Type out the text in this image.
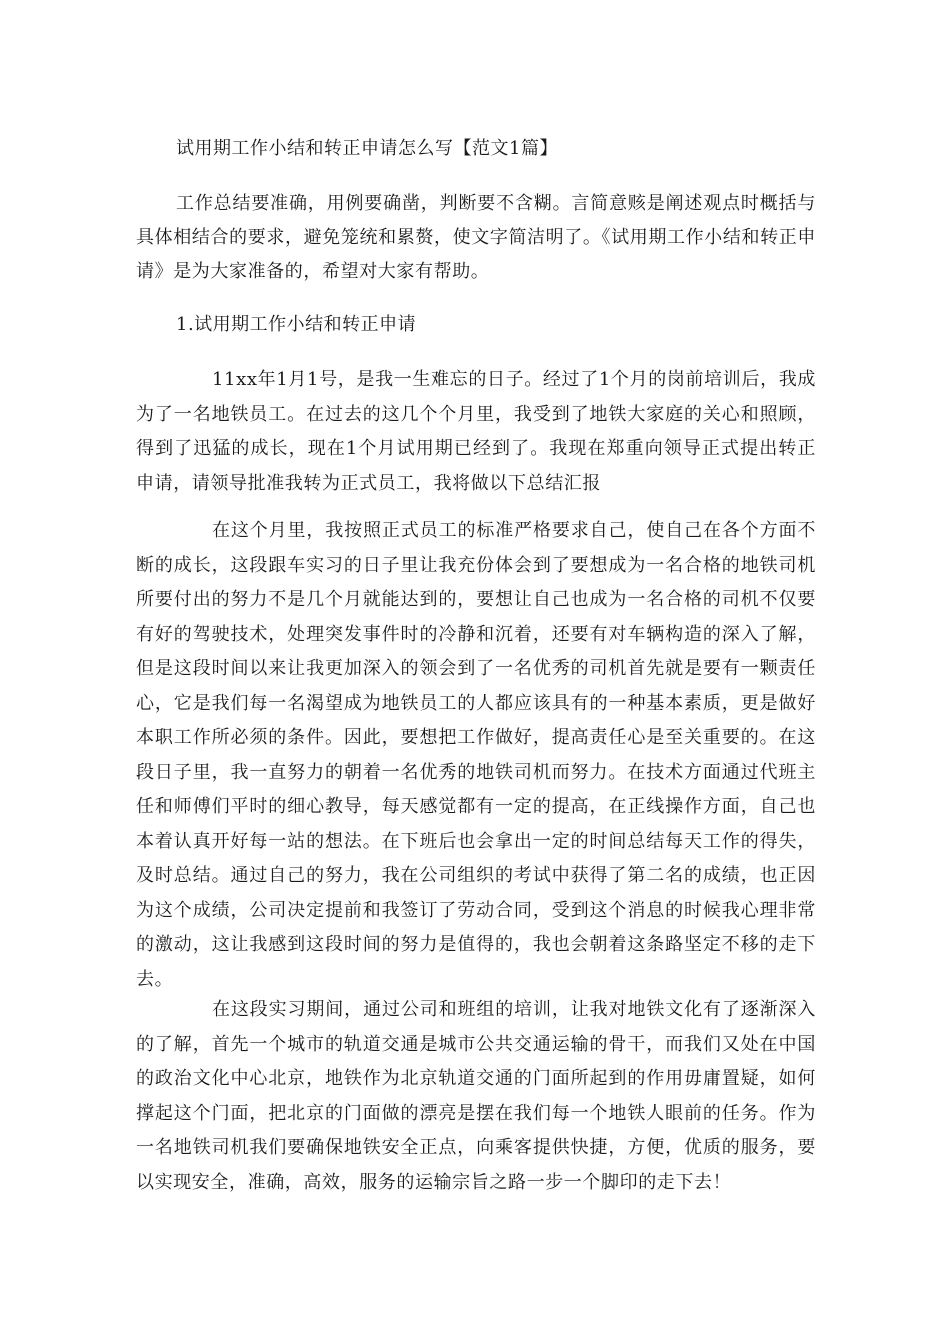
试用期工作小结和转正申请怎么写【范文1篇】
工作总结要准确，用例要确凿，判断要不含糊。言简意赅是阐述观点时概括与具体相结合的要求，避免笼统和累赘，使文字简洁明了。《试用期工作小结和转正申请》是为大家准备的，希望对大家有帮助。
1.试用期工作小结和转正申请
11xx年1月1号，是我一生难忘的日子。经过了1个月的岗前培训后，我成为了一名地铁员工。在过去的这几个个月里，我受到了地铁大家庭的关心和照顾，得到了迅猛的成长，现在1个月试用期已经到了。我现在郑重向领导正式提出转正申请，请领导批准我转为正式员工，我将做以下总结汇报
在这个月里，我按照正式员工的标准严格要求自己，使自己在各个方面不断的成长，这段跟车实习的日子里让我充份体会到了要想成为一名合格的地铁司机所要付出的努力不是几个月就能达到的，要想让自己也成为一名合格的司机不仅要有好的驾驶技术，处理突发事件时的冷静和沉着，还要有对车辆构造的深入了解，但是这段时间以来让我更加深入的领会到了一名优秀的司机首先就是要有一颗责任心，它是我们每一名渴望成为地铁员工的人都应该具有的一种基本素质，更是做好本职工作所必须的条件。因此，要想把工作做好，提高责任心是至关重要的。在这段日子里，我一直努力的朝着一名优秀的地铁司机而努力。在技术方面通过代班主任和师傅们平时的细心教导，每天感觉都有一定的提高，在正线操作方面，自己也本着认真开好每一站的想法。在下班后也会拿出一定的时间总结每天工作的得失，及时总结。通过自己的努力，我在公司组织的考试中获得了第二名的成绩，也正因为这个成绩，公司决定提前和我签订了劳动合同，受到这个消息的时候我心理非常的激动，这让我感到这段时间的努力是值得的，我也会朝着这条路坚定不移的走下去。
在这段实习期间，通过公司和班组的培训，让我对地铁文化有了逐渐深入的了解，首先一个城市的轨道交通是城市公共交通运输的骨干，而我们又处在中国的政治文化中心北京，地铁作为北京轨道交通的门面所起到的作用毋庸置疑，如何撑起这个门面，把北京的门面做的漂亮是摆在我们每一个地铁人眼前的任务。作为一名地铁司机我们要确保地铁安全正点，向乘客提供快捷，方便，优质的服务，要以实现安全，准确，高效，服务的运输宗旨之路一步一个脚印的走下去！
